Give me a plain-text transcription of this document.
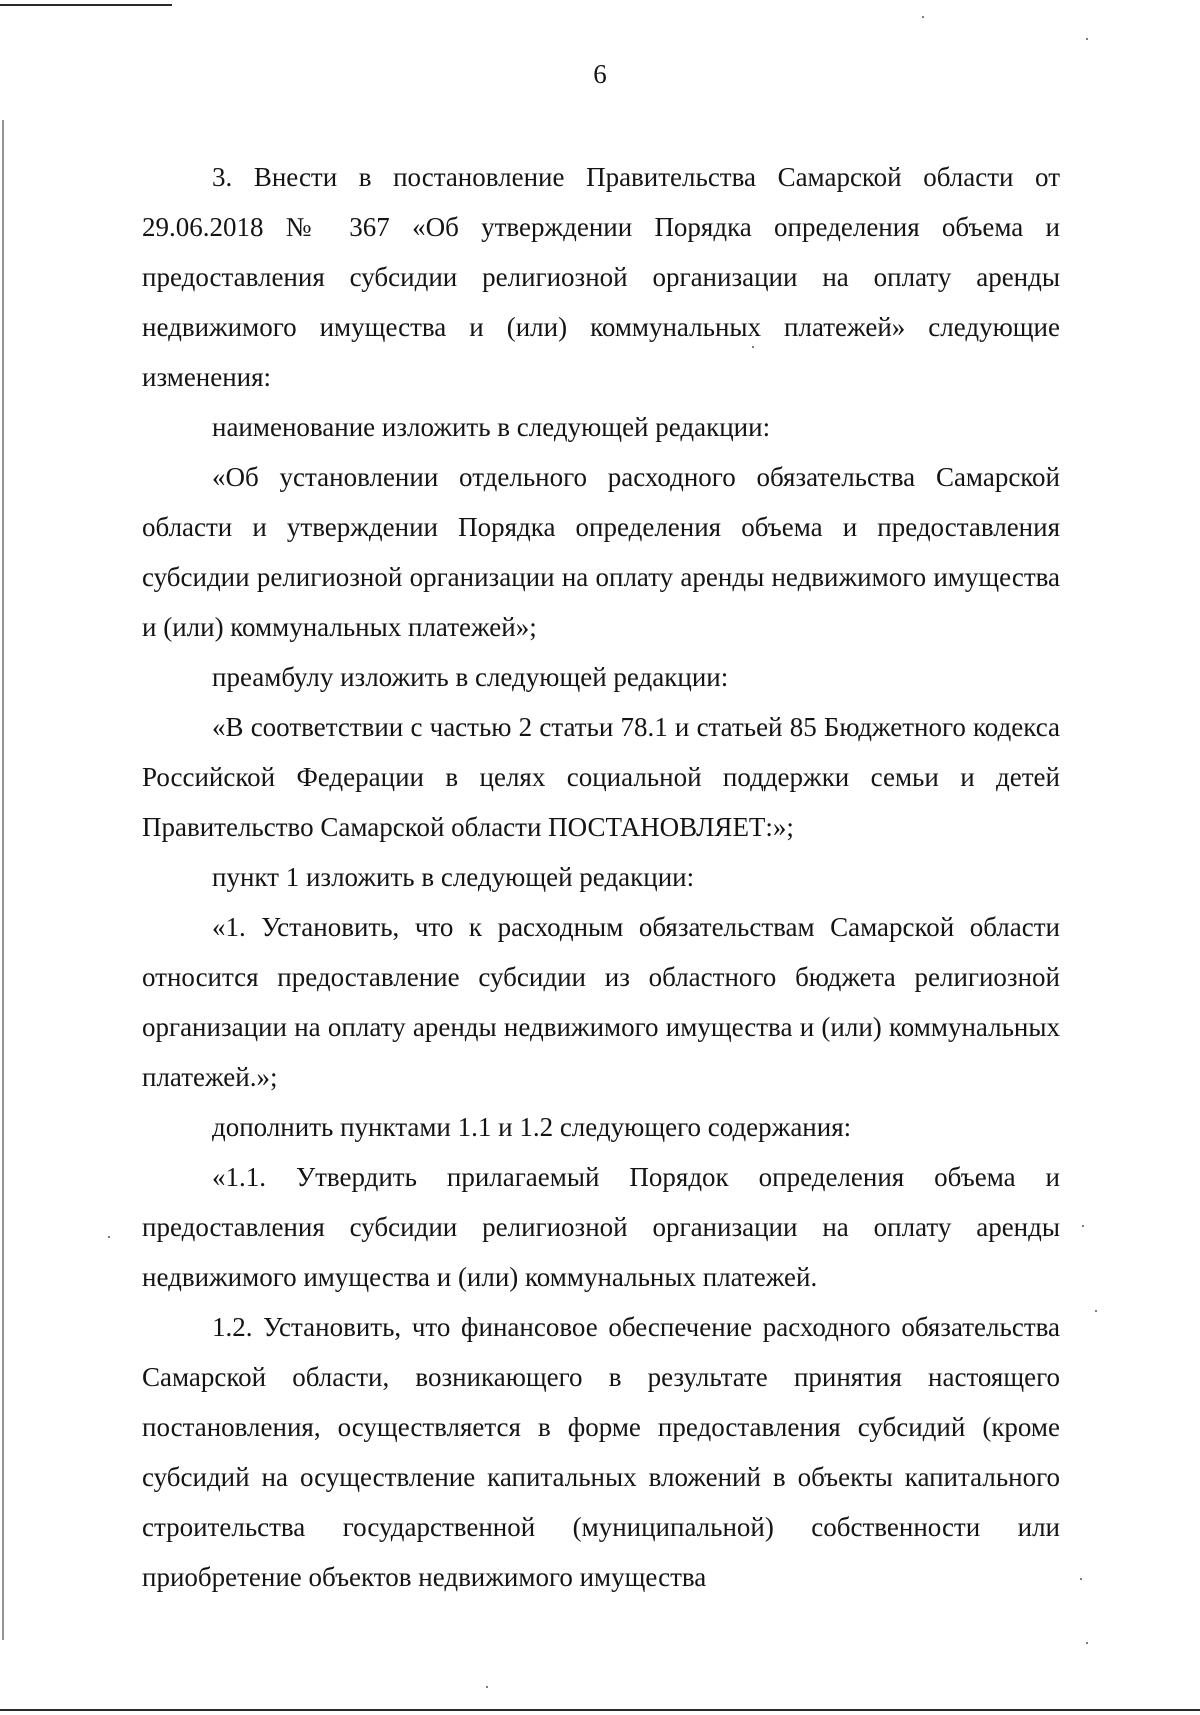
6

3. Внести в постановление Правительства Самарской области от 29.06.2018 № 367 «Об утверждении Порядка определения объема и предоставления субсидии религиозной организации на оплату аренды недвижимого имущества и (или) коммунальных платежей» следующие изменения:

наименование изложить в следующей редакции:

«Об установлении отдельного расходного обязательства Самарской области и утверждении Порядка определения объема и предоставления субсидии религиозной организации на оплату аренды недвижимого имущества и (или) коммунальных платежей»;

преамбулу изложить в следующей редакции:

«В соответствии с частью 2 статьи 78.1 и статьей 85 Бюджетного кодекса Российской Федерации в целях социальной поддержки семьи и детей Правительство Самарской области ПОСТАНОВЛЯЕТ:»;

пункт 1 изложить в следующей редакции:

«1. Установить, что к расходным обязательствам Самарской области относится предоставление субсидии из областного бюджета религиозной организации на оплату аренды недвижимого имущества и (или) коммунальных платежей.»;

дополнить пунктами 1.1 и 1.2 следующего содержания:

«1.1. Утвердить прилагаемый Порядок определения объема и предоставления субсидии религиозной организации на оплату аренды недвижимого имущества и (или) коммунальных платежей.

1.2. Установить, что финансовое обеспечение расходного обязательства Самарской области, возникающего в результате принятия настоящего постановления, осуществляется в форме предоставления субсидий (кроме субсидий на осуществление капитальных вложений в объекты капитального строительства государственной (муниципальной) собственности или приобретение объектов недвижимого имущества
